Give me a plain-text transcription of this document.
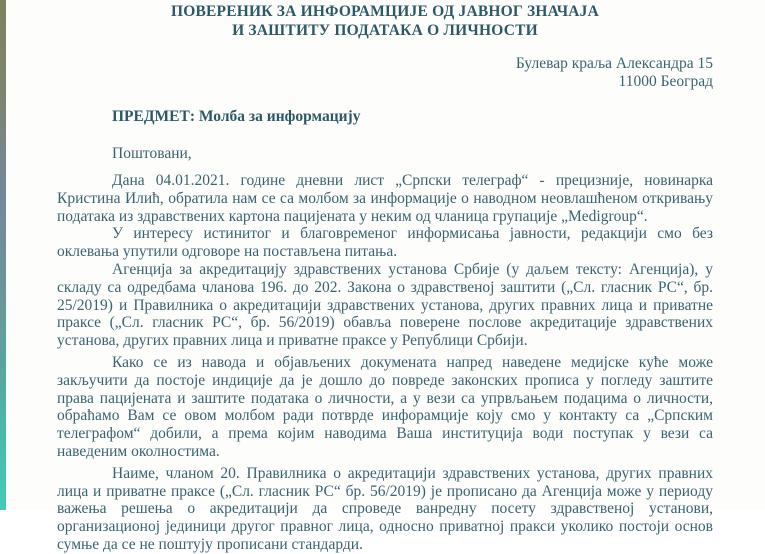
ПОВЕРЕНИК ЗА ИНФОРАМЦИЈЕ ОД ЈАВНОГ ЗНАЧАЈА
И ЗАШТИТУ ПОДАТАКА О ЛИЧНОСТИ
Булевар краља Александра 15
11000 Београд
ПРЕДМЕТ: Молба за информацију
Поштовани,

Дана 04.01.2021. године дневни лист „Српски телеграф“ - прецизније, новинарка Кристина Илић, обратила нам се са молбом за информације о наводном неовлашћеном откривању података из здравствених картона пацијената у неким од чланица групације „Medigroup“.

У интересу истинитог и благовременог информисања јавности, редакцији смо без оклевања упутили одговоре на постављена питања.

Агенција за акредитацију здравствених установа Србије (у даљем тексту: Агенција), у складу са одредбама чланова 196. до 202. Закона о здравственој заштити („Сл. гласник РС“, бр. 25/2019) и Правилника о акредитацији здравствених установа, других правних лица и приватне праксе („Сл. гласник РС“, бр. 56/2019) обавља поверене послове акредитације здравствених установа, других правних лица и приватне праксе у Републици Србији.

Како се из навода и објављених докумената напред наведене медијске куће може закључити да постоје индиције да је дошло до повреде законских прописа у погледу заштите права пацијената и заштите података о личности, а у вези са упрвљањем подацима о личности, обраћамо Вам се овом молбом ради потврде инфорамције коју смо у контакту са „Српским телеграфом“ добили, а према којим наводима Ваша институција води поступак у вези са наведеним околностима.

Наиме, чланом 20. Правилника о акредитацији здравствених установа, других правних лица и приватне праксе („Сл. гласник РС“ бр. 56/2019) је прописано да Агенција може у периоду важења решења о акредитацији да спроведе ванредну посету здравственој установи, организационој јединици другог правног лица, односно приватној пракси уколико постоји основ сумње да се не поштују прописани стандарди.
